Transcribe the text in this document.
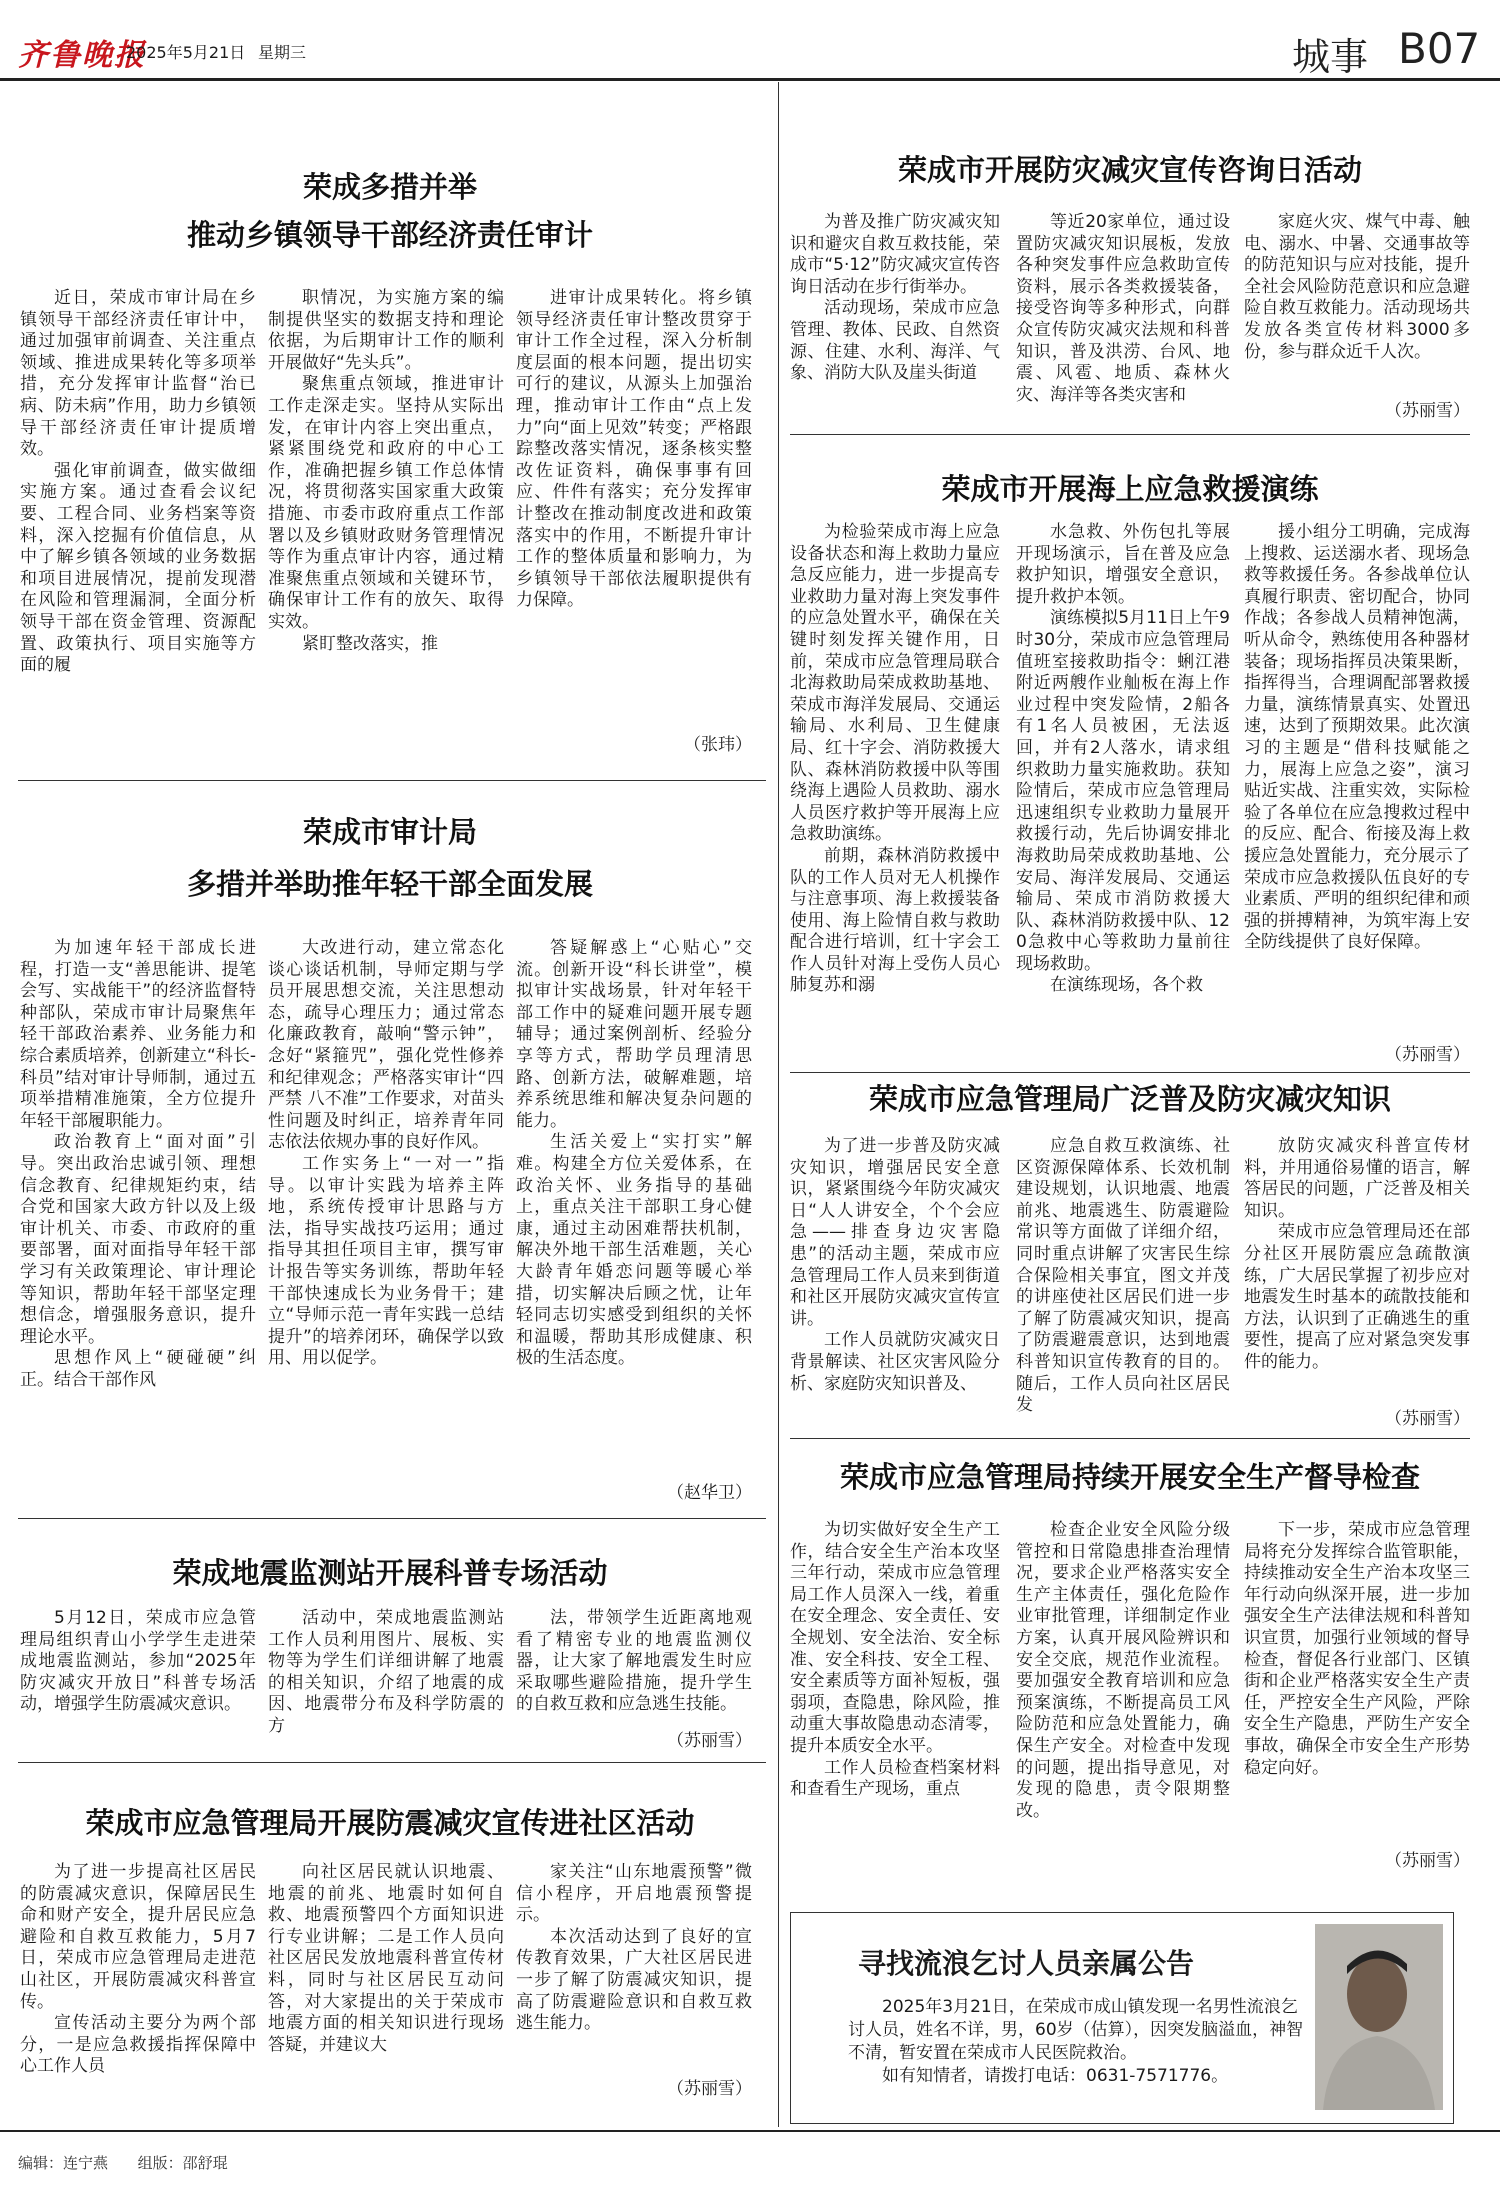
齐鲁晚报
2025年5月21日 星期三	城事 B07
荣成多措并举
推动乡镇领导干部经济责任审计

近日，荣成市审计局在乡镇领导干部经济责任审计中，通过加强审前调查、关注重点领域、推进成果转化等多项举措，充分发挥审计监督“治已病、防未病”作用，助力乡镇领导干部经济责任审计提质增效。

强化审前调查，做实做细实施方案。通过查看会议纪要、工程合同、业务档案等资料，深入挖掘有价值信息，从中了解乡镇各领域的业务数据和项目进展情况，提前发现潜在风险和管理漏洞，全面分析领导干部在资金管理、资源配置、政策执行、项目实施等方面的履

职情况，为实施方案的编制提供坚实的数据支持和理论依据，为后期审计工作的顺利开展做好“先头兵”。

聚焦重点领域，推进审计工作走深走实。坚持从实际出发，在审计内容上突出重点，紧紧围绕党和政府的中心工作，准确把握乡镇工作总体情况，将贯彻落实国家重大政策措施、市委市政府重点工作部署以及乡镇财政财务管理情况等作为重点审计内容，通过精准聚焦重点领域和关键环节，确保审计工作有的放矢、取得实效。

紧盯整改落实，推

进审计成果转化。将乡镇领导经济责任审计整改贯穿于审计工作全过程，深入分析制度层面的根本问题，提出切实可行的建议，从源头上加强治理，推动审计工作由“点上发力”向“面上见效”转变；严格跟踪整改落实情况，逐条核实整改佐证资料，确保事事有回应、件件有落实；充分发挥审计整改在推动制度改进和政策落实中的作用，不断提升审计工作的整体质量和影响力，为乡镇领导干部依法履职提供有力保障。
（张玮）
荣成市审计局
多措并举助推年轻干部全面发展

为加速年轻干部成长进程，打造一支“善思能讲、提笔会写、实战能干”的经济监督特种部队，荣成市审计局聚焦年轻干部政治素养、业务能力和综合素质培养，创新建立“科长-科员”结对审计导师制，通过五项举措精准施策，全方位提升年轻干部履职能力。

政治教育上“面对面”引导。突出政治忠诚引领、理想信念教育、纪律规矩约束，结合党和国家大政方针以及上级审计机关、市委、市政府的重要部署，面对面指导年轻干部学习有关政策理论、审计理论等知识，帮助年轻干部坚定理想信念，增强服务意识，提升理论水平。

思想作风上“硬碰硬”纠正。结合干部作风

大改进行动，建立常态化谈心谈话机制，导师定期与学员开展思想交流，关注思想动态，疏导心理压力；通过常态化廉政教育，敲响“警示钟”，念好“紧箍咒”，强化党性修养和纪律观念；严格落实审计“四严禁 八不准”工作要求，对苗头性问题及时纠正，培养青年同志依法依规办事的良好作风。

工作实务上“一对一”指导。以审计实践为培养主阵地，系统传授审计思路与方法，指导实战技巧运用；通过指导其担任项目主审，撰写审计报告等实务训练，帮助年轻干部快速成长为业务骨干；建立“导师示范一青年实践一总结提升”的培养闭环，确保学以致用、用以促学。

答疑解惑上“心贴心”交流。创新开设“科长讲堂”，模拟审计实战场景，针对年轻干部工作中的疑难问题开展专题辅导；通过案例剖析、经验分享等方式，帮助学员理清思路、创新方法，破解难题，培养系统思维和解决复杂问题的能力。

生活关爱上“实打实”解难。构建全方位关爱体系，在政治关怀、业务指导的基础上，重点关注干部职工身心健康，通过主动困难帮扶机制，解决外地干部生活难题，关心大龄青年婚恋问题等暖心举措，切实解决后顾之忧，让年轻同志切实感受到组织的关怀和温暖，帮助其形成健康、积极的生活态度。

（赵华卫）
荣成地震监测站开展科普专场活动
5月12日，荣成市应急管理局组织青山小学学生走进荣成地震监测站，参加“2025年防灾减灾开放日”科普专场活动，增强学生防震减灾意识。
活动中，荣成地震监测站工作人员利用图片、展板、实物等为学生们详细讲解了地震的相关知识，介绍了地震的成因、地震带分布及科学防震的方
法，带领学生近距离地观看了精密专业的地震监测仪器，让大家了解地震发生时应采取哪些避险措施，提升学生的自救互救和应急逃生技能。
（苏丽雪）
荣成市应急管理局开展防震减灾宣传进社区活动

为了进一步提高社区居民的防震减灾意识，保障居民生命和财产安全，提升居民应急避险和自救互救能力，5月7日，荣成市应急管理局走进范山社区，开展防震减灾科普宣传。

宣传活动主要分为两个部分，一是应急救援指挥保障中心工作人员

向社区居民就认识地震、地震的前兆、地震时如何自救、地震预警四个方面知识进行专业讲解；二是工作人员向社区居民发放地震科普宣传材料，同时与社区居民互动问答，对大家提出的关于荣成市地震方面的相关知识进行现场答疑，并建议大

家关注“山东地震预警”微信小程序，开启地震预警提示。

本次活动达到了良好的宣传教育效果，广大社区居民进一步了解了防震减灾知识，提高了防震避险意识和自救互救逃生能力。

（苏丽雪）
荣成市开展防灾减灾宣传咨询日活动

为普及推广防灾减灾知识和避灾自救互救技能，荣成市“5·12”防灾减灾宣传咨询日活动在步行街举办。

活动现场，荣成市应急管理、教体、民政、自然资源、住建、水利、海洋、气象、消防大队及崖头街道

等近20家单位，通过设置防灾减灾知识展板，发放各种突发事件应急救助宣传资料，展示各类救援装备，接受咨询等多种形式，向群众宣传防灾减灾法规和科普知识，普及洪涝、台风、地震、风雹、地质、森林火灾、海洋等各类灾害和
家庭火灾、煤气中毒、触电、溺水、中暑、交通事故等的防范知识与应对技能，提升全社会风险防范意识和应急避险自救互救能力。活动现场共发放各类宣传材料3000多份，参与群众近千人次。
（苏丽雪）
荣成市开展海上应急救援演练

为检验荣成市海上应急设备状态和海上救助力量应急反应能力，进一步提高专业救助力量对海上突发事件的应急处置水平，确保在关键时刻发挥关键作用，日前，荣成市应急管理局联合北海救助局荣成救助基地、荣成市海洋发展局、交通运输局、水利局、卫生健康局、红十字会、消防救援大队、森林消防救援中队等围绕海上遇险人员救助、溺水人员医疗救护等开展海上应急救助演练。

前期，森林消防救援中队的工作人员对无人机操作与注意事项、海上救援装备使用、海上险情自救与救助配合进行培训，红十字会工作人员针对海上受伤人员心肺复苏和溺

水急救、外伤包扎等展开现场演示，旨在普及应急救护知识，增强安全意识，提升救护本领。

演练模拟5月11日上午9时30分，荣成市应急管理局值班室接救助指令：蜊江港附近两艘作业舢板在海上作业过程中突发险情，2船各有1名人员被困，无法返回，并有2人落水，请求组织救助力量实施救助。获知险情后，荣成市应急管理局迅速组织专业救助力量展开救援行动，先后协调安排北海救助局荣成救助基地、公安局、海洋发展局、交通运输局、荣成市消防救援大队、森林消防救援中队、120急救中心等救助力量前往现场救助。

在演练现场，各个救

援小组分工明确，完成海上搜救、运送溺水者、现场急救等救援任务。各参战单位认真履行职责、密切配合，协同作战；各参战人员精神饱满，听从命令，熟练使用各种器材装备；现场指挥员决策果断，指挥得当，合理调配部署救援力量，演练情景真实、处置迅速，达到了预期效果。此次演习的主题是“借科技赋能之力，展海上应急之姿”，演习贴近实战、注重实效，实际检验了各单位在应急搜救过程中的反应、配合、衔接及海上救援应急处置能力，充分展示了荣成市应急救援队伍良好的专业素质、严明的组织纪律和顽强的拼搏精神，为筑牢海上安全防线提供了良好保障。
（苏丽雪）
荣成市应急管理局广泛普及防灾减灾知识

为了进一步普及防灾减灾知识，增强居民安全意识，紧紧围绕今年防灾减灾日“人人讲安全，个个会应急——排查身边灾害隐患”的活动主题，荣成市应急管理局工作人员来到街道和社区开展防灾减灾宣传宣讲。

工作人员就防灾减灾日背景解读、社区灾害风险分析、家庭防灾知识普及、

应急自救互救演练、社区资源保障体系、长效机制建设规划，认识地震、地震前兆、地震逃生、防震避险常识等方面做了详细介绍，同时重点讲解了灾害民生综合保险相关事宜，图文并茂的讲座使社区居民们进一步了解了防震减灾知识，提高了防震避震意识，达到地震科普知识宣传教育的目的。随后，工作人员向社区居民发

放防灾减灾科普宣传材料，并用通俗易懂的语言，解答居民的问题，广泛普及相关知识。

荣成市应急管理局还在部分社区开展防震应急疏散演练，广大居民掌握了初步应对地震发生时基本的疏散技能和方法，认识到了正确逃生的重要性，提高了应对紧急突发事件的能力。

（苏丽雪）
荣成市应急管理局持续开展安全生产督导检查

为切实做好安全生产工作，结合安全生产治本攻坚三年行动，荣成市应急管理局工作人员深入一线，着重在安全理念、安全责任、安全规划、安全法治、安全标准、安全科技、安全工程、安全素质等方面补短板，强弱项，查隐患，除风险，推动重大事故隐患动态清零，提升本质安全水平。

工作人员检查档案材料和查看生产现场，重点

检查企业安全风险分级管控和日常隐患排查治理情况，要求企业严格落实安全生产主体责任，强化危险作业审批管理，详细制定作业方案，认真开展风险辨识和安全交底，规范作业流程。要加强安全教育培训和应急预案演练，不断提高员工风险防范和应急处置能力，确保生产安全。对检查中发现的问题，提出指导意见，对发现的隐患，责令限期整改。
下一步，荣成市应急管理局将充分发挥综合监管职能，持续推动安全生产治本攻坚三年行动向纵深开展，进一步加强安全生产法律法规和科普知识宣贯，加强行业领域的督导检查，督促各行业部门、区镇街和企业严格落实安全生产责任，严控安全生产风险，严除安全生产隐患，严防生产安全事故，确保全市安全生产形势稳定向好。
（苏丽雪）
寻找流浪乞讨人员亲属公告

2025年3月21日，在荣成市成山镇发现一名男性流浪乞讨人员，姓名不详，男，60岁（估算），因突发脑溢血，神智不清，暂安置在荣成市人民医院救治。

如有知情者，请拨打电话：0631-7571776。

编辑：连宁燕 组版：邵舒琨
